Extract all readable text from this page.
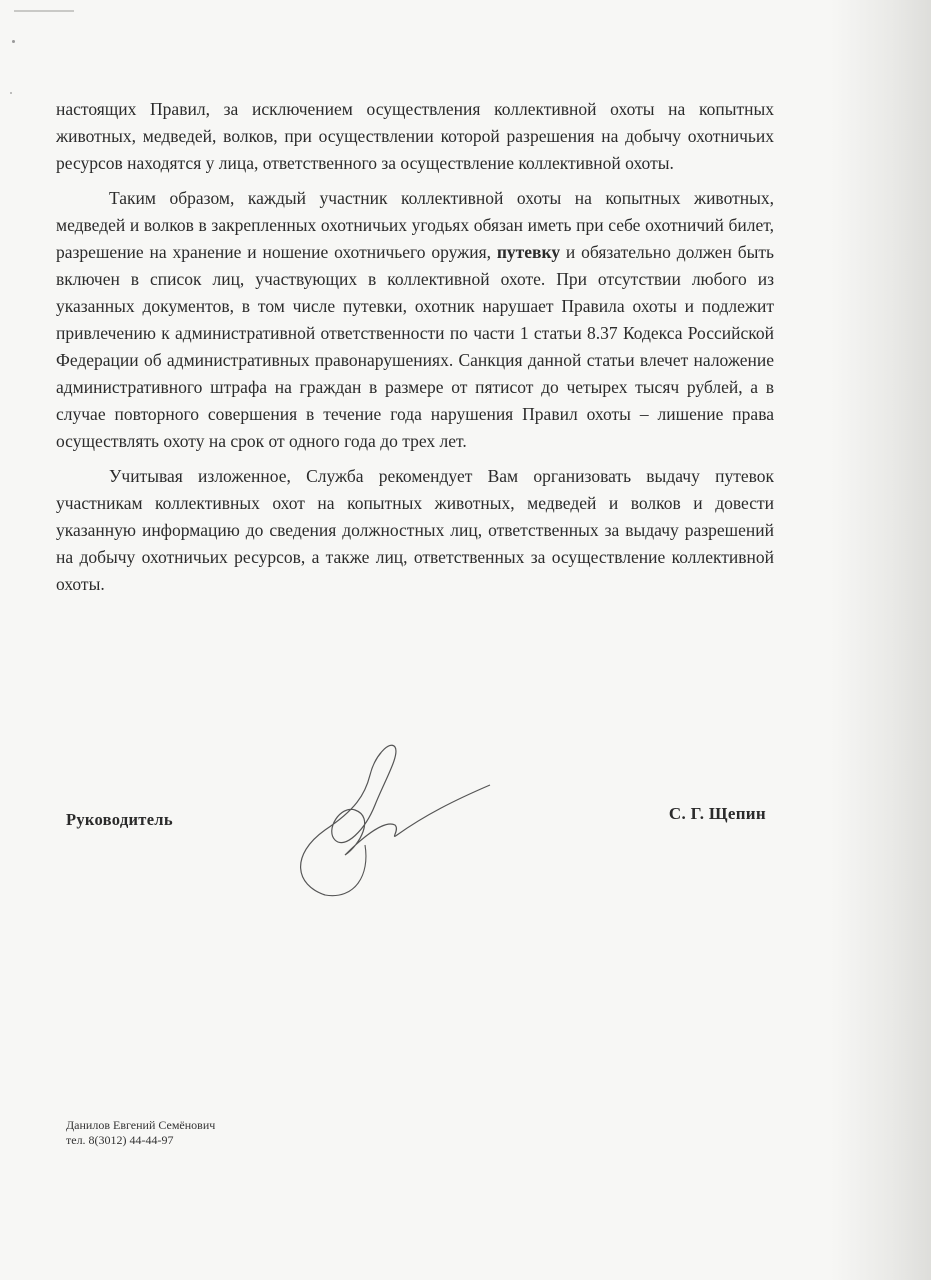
настоящих Правил, за исключением осуществления коллективной охоты на копытных животных, медведей, волков, при осуществлении которой разрешения на добычу охотничьих ресурсов находятся у лица, ответственного за осуществление коллективной охоты.

Таким образом, каждый участник коллективной охоты на копытных животных, медведей и волков в закрепленных охотничьих угодьях обязан иметь при себе охотничий билет, разрешение на хранение и ношение охотничьего оружия, путевку и обязательно должен быть включен в список лиц, участвующих в коллективной охоте. При отсутствии любого из указанных документов, в том числе путевки, охотник нарушает Правила охоты и подлежит привлечению к административной ответственности по части 1 статьи 8.37 Кодекса Российской Федерации об административных правонарушениях. Санкция данной статьи влечет наложение административного штрафа на граждан в размере от пятисот до четырех тысяч рублей, а в случае повторного совершения в течение года нарушения Правил охоты – лишение права осуществлять охоту на срок от одного года до трех лет.

Учитывая изложенное, Служба рекомендует Вам организовать выдачу путевок участникам коллективных охот на копытных животных, медведей и волков и довести указанную информацию до сведения должностных лиц, ответственных за выдачу разрешений на добычу охотничьих ресурсов, а также лиц, ответственных за осуществление коллективной охоты.

Руководитель	С. Г. Щепин
Данилов Евгений Семёнович
тел. 8(3012) 44-44-97
